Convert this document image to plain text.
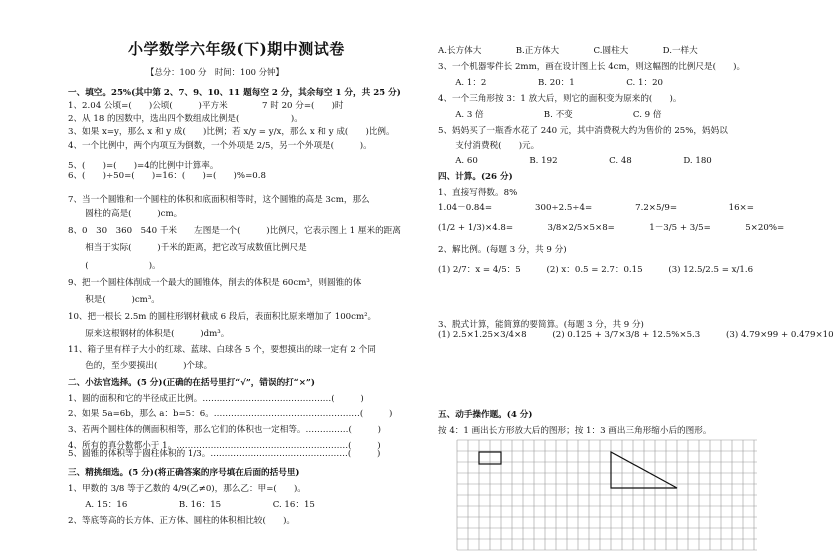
小学数学六年级(下)期中测试卷
【总分：100 分　时间：100 分钟】
一、填空。25%(其中第 2、7、9、10、11 题每空 2 分，其余每空 1 分，共 25 分)
1、2.04 公顷=(　　)公顷(　　　)平方米　　　　7 时 20 分=(　　)时
2、从 18 的因数中，选出四个数组成比例是(　　　　　　)。
3、如果 x=y，那么 x 和 y 成(　　)比例；若 x/y = y/x，那么 x 和 y 成(　　)比例。
4、一个比例中，两个内项互为倒数，一个外项是 2/5，另一个外项是(　　　)。
5、(　　)=(　　)=4的比例中计算率。
6、(　　)÷50=(　　)=16：(　　)=(　　)%=0.8
7、当一个圆锥和一个圆柱的体积和底面积相等时，这个圆锥的高是 3cm，那么
　　圆柱的高是(　　　)cm。
8、0　30　360　540 千米　　左图是一个(　　　)比例尺，它表示图上 1 厘米的距离
　　相当于实际(　　　)千米的距离，把它改写成数值比例尺是
　　(　　　　　　　)。
9、把一个圆柱体削成一个最大的圆锥体，削去的体积是 60cm³，则圆锥的体
　　积是(　　　)cm³。
10、把一根长 2.5m 的圆柱形钢材截成 6 段后，表面积比原来增加了 100cm²。
　　原来这根钢材的体积是(　　　)dm³。
11、箱子里有样子大小的红球、蓝球、白球各 5 个，要想摸出的球一定有 2 个同
　　色的，至少要摸出(　　　)个球。
二、小法官选择。(5 分)(正确的在括号里打“√”，错误的打“×”)
1、圆的面积和它的半径成正比例。………………………………………(　　　)
2、如果 5a=6b，那么 a：b=5：6。……………………………………………(　　　)
3、若两个圆柱体的侧面积相等，那么它们的体积也一定相等。……………(　　　)
4、所有的真分数都小于 1。……………………………………………………(　　　)
5、圆锥的体积等于圆柱体积的 1/3。…………………………………………(　　　)
三、精挑细选。(5 分)(将正确答案的序号填在后面的括号里)
1、甲数的 3/8 等于乙数的 4/9(乙≠0)，那么乙：甲=(　　)。
　　A. 15：16　　　　　　B. 16：15　　　　　　C. 16：15
2、等底等高的长方体、正方体、圆柱的体积相比较(　　)。
A.长方体大　　　　B.正方体大　　　　C.圆柱大　　　　D.一样大
3、一个机器零件长 2mm，画在设计图上长 4cm，则这幅图的比例尺是(　　)。
　　A. 1：2　　　　　　B. 20：1　　　　　　C. 1：20
4、一个三角形按 3：1 放大后，则它的面积变为原来的(　　)。
　　A. 3 倍　　　　　　　B. 不变　　　　　　　C. 9 倍
5、妈妈买了一瓶香水花了 240 元，其中消费税大约为售价的 25%，妈妈以
　　支付消费税(　　)元。
　　A. 60　　　　　　B. 192　　　　　　C. 48　　　　　　D. 180
四、计算。(26 分)
1、直接写得数。8%
1.04－0.84=　　　　　300÷2.5÷4=　　　　　7.2×5/9=　　　　　　16×=
(1/2 + 1/3)×4.8=　　　　3/8×2/5×5×8=　　　　1－3/5 + 3/5=　　　　5×20%=
2、解比例。(每题 3 分，共 9 分)
(1) 2/7：x = 4/5：5　　　(2) x：0.5 = 2.7：0.15　　　(3) 12.5/2.5 = x/1.6
3、脱式计算，能简算的要简算。(每题 3 分，共 9 分)
(1) 2.5×1.25×3/4×8　　　(2) 0.125 + 3/7×3/8 + 12.5%×5.3　　　(3) 4.79×99 + 0.479×10
五、动手操作题。(4 分)
按 4：1 画出长方形放大后的图形；按 1：3 画出三角形缩小后的图形。
